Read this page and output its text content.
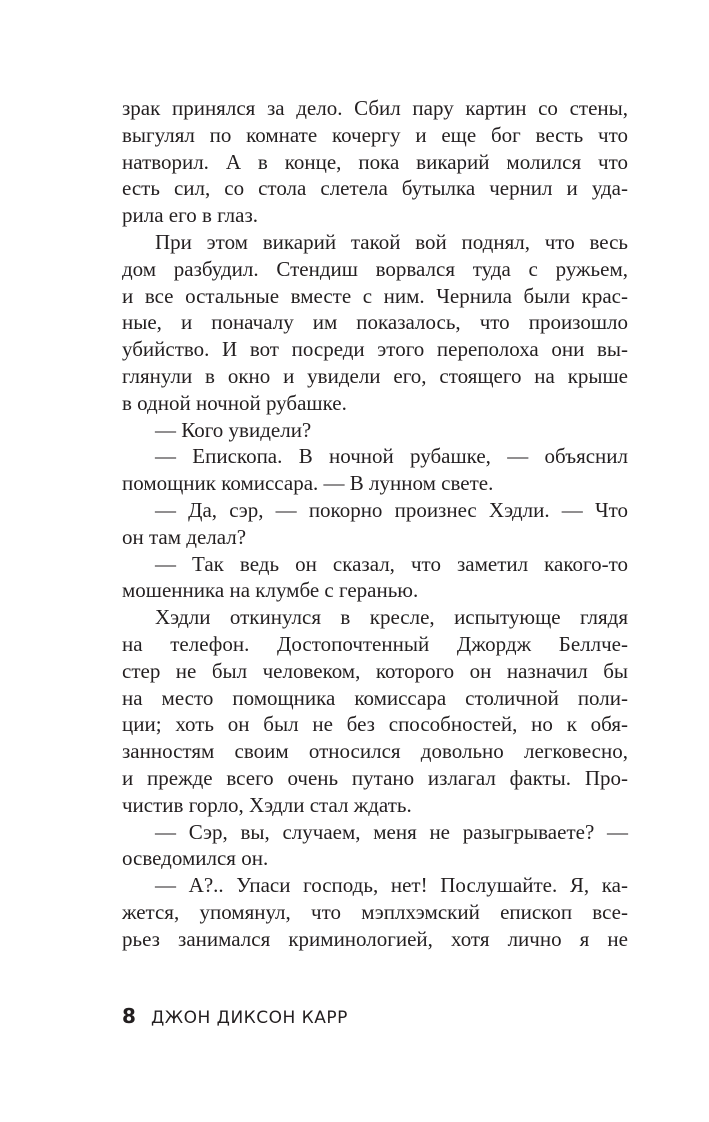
зрак принялся за дело. Сбил пару картин со стены,
выгулял по комнате кочергу и еще бог весть что
натворил. А в конце, пока викарий молился что
есть сил, со стола слетела бутылка чернил и уда-
рила его в глаз.
При этом викарий такой вой поднял, что весь
дом разбудил. Стендиш ворвался туда с ружьем,
и все остальные вместе с ним. Чернила были крас-
ные, и поначалу им показалось, что произошло
убийство. И вот посреди этого переполоха они вы-
глянули в окно и увидели его, стоящего на крыше
в одной ночной рубашке.
— Кого увидели?
— Епископа. В ночной рубашке, — объяснил
помощник комиссара. — В лунном свете.
— Да, сэр, — покорно произнес Хэдли. — Что
он там делал?
— Так ведь он сказал, что заметил какого-то
мошенника на клумбе с геранью.
Хэдли откинулся в кресле, испытующе глядя
на телефон. Достопочтенный Джордж Беллче-
стер не был человеком, которого он назначил бы
на место помощника комиссара столичной поли-
ции; хоть он был не без способностей, но к обя-
занностям своим относился довольно легковесно,
и прежде всего очень путано излагал факты. Про-
чистив горло, Хэдли стал ждать.
— Сэр, вы, случаем, меня не разыгрываете? —
осведомился он.
— А?.. Упаси господь, нет! Послушайте. Я, ка-
жется, упомянул, что мэплхэмский епископ все-
рьез занимался криминологией, хотя лично я не
8 ДЖОН ДИКСОН КАРР
